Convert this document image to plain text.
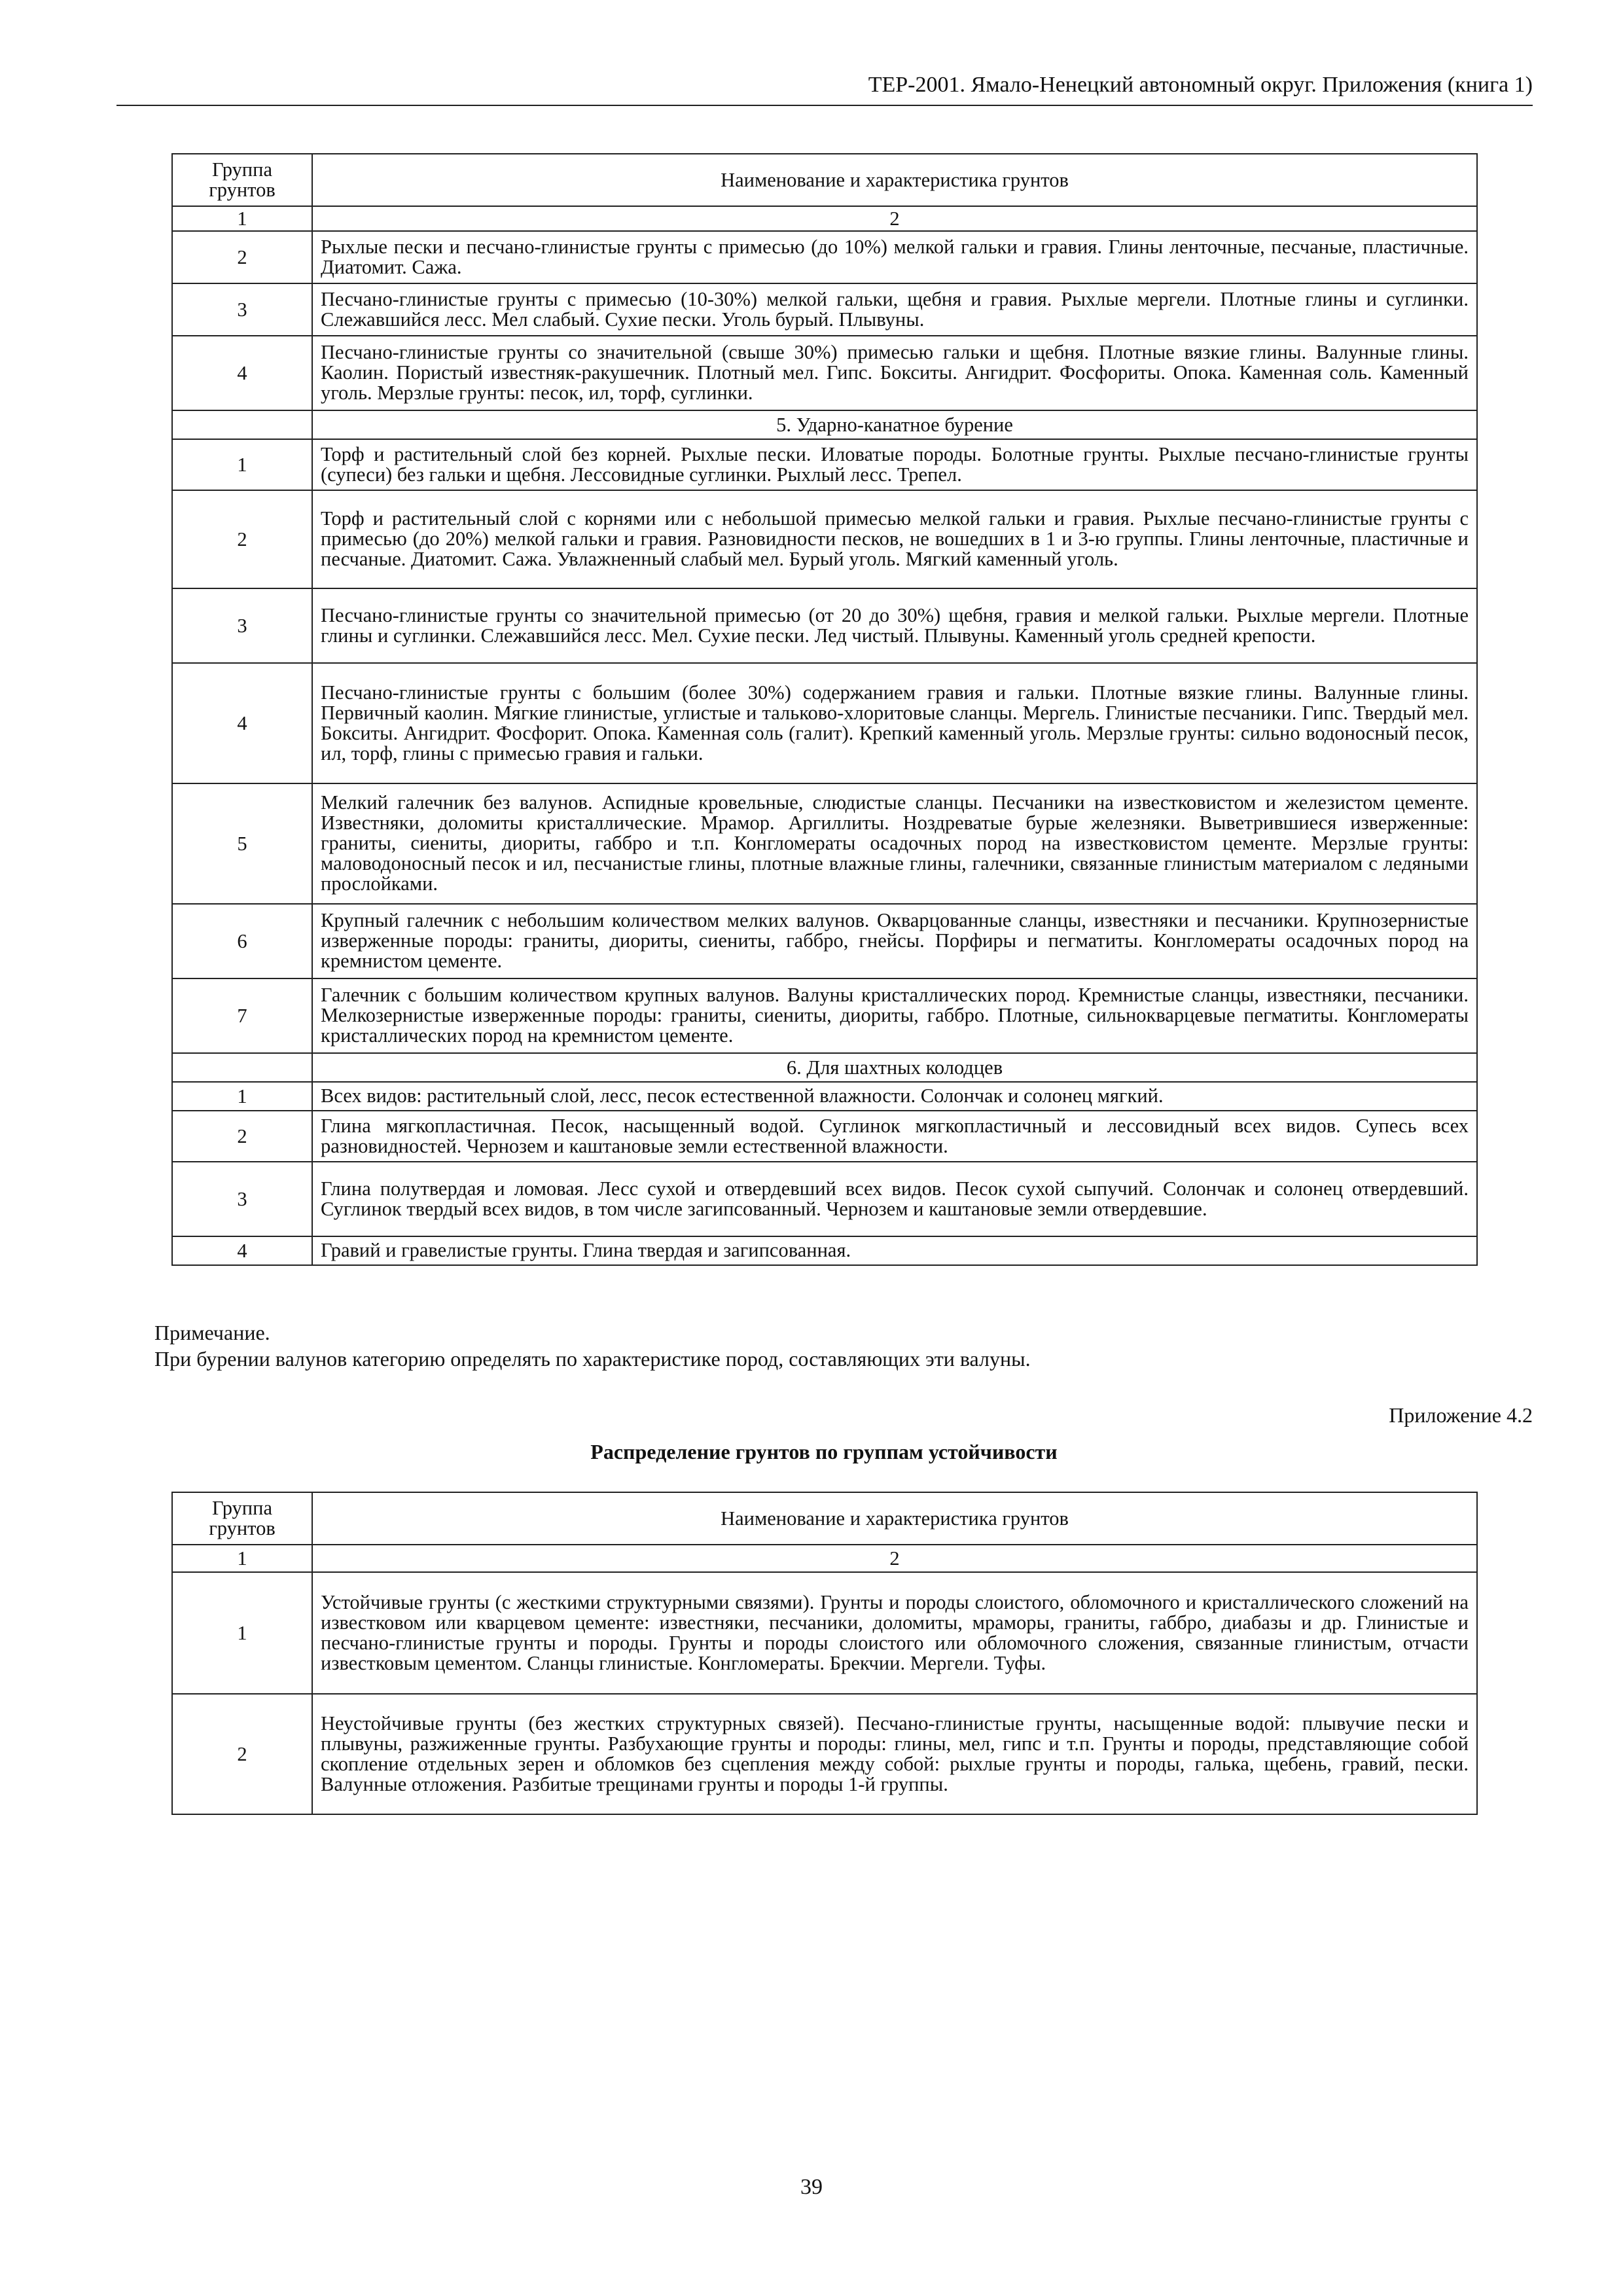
ТЕР-2001. Ямало-Ненецкий автономный округ. Приложения (книга 1)
Группа грунтов	Наименование и характеристика грунтов
1	2
2	Рыхлые пески и песчано-глинистые грунты с примесью (до 10%) мелкой гальки и гравия. Глины ленточные, песчаные, пластичные. Диатомит. Сажа.
3	Песчано-глинистые грунты с примесью (10-30%) мелкой гальки, щебня и гравия. Рыхлые мергели. Плотные глины и суглинки. Слежавшийся лесс. Мел слабый. Сухие пески. Уголь бурый. Плывуны.
4	Песчано-глинистые грунты со значительной (свыше 30%) примесью гальки и щебня. Плотные вязкие глины. Валунные глины. Каолин. Пористый известняк-ракушечник. Плотный мел. Гипс. Бокситы. Ангидрит. Фосфориты. Опока. Каменная соль. Каменный уголь. Мерзлые грунты: песок, ил, торф, суглинки.
	5. Ударно-канатное бурение
1	Торф и растительный слой без корней. Рыхлые пески. Иловатые породы. Болотные грунты. Рыхлые песчано-глинистые грунты (супеси) без гальки и щебня. Лессовидные суглинки. Рыхлый лесс. Трепел.
2	Торф и растительный слой с корнями или с небольшой примесью мелкой гальки и гравия. Рыхлые песчано-глинистые грунты с примесью (до 20%) мелкой гальки и гравия. Разновидности песков, не вошедших в 1 и 3-ю группы. Глины ленточные, пластичные и песчаные. Диатомит. Сажа. Увлажненный слабый мел. Бурый уголь. Мягкий каменный уголь.
3	Песчано-глинистые грунты со значительной примесью (от 20 до 30%) щебня, гравия и мелкой гальки. Рыхлые мергели. Плотные глины и суглинки. Слежавшийся лесс. Мел. Сухие пески. Лед чистый. Плывуны. Каменный уголь средней крепости.
4	Песчано-глинистые грунты с большим (более 30%) содержанием гравия и гальки. Плотные вязкие глины. Валунные глины. Первичный каолин. Мягкие глинистые, углистые и тальково-хлоритовые сланцы. Мергель. Глинистые песчаники. Гипс. Твердый мел. Бокситы. Ангидрит. Фосфорит. Опока. Каменная соль (галит). Крепкий каменный уголь. Мерзлые грунты: сильно водоносный песок, ил, торф, глины с примесью гравия и гальки.
5	Мелкий галечник без валунов. Аспидные кровельные, слюдистые сланцы. Песчаники на известковистом и железистом цементе. Известняки, доломиты кристаллические. Мрамор. Аргиллиты. Ноздреватые бурые железняки. Выветрившиеся изверженные: граниты, сиениты, диориты, габбро и т.п. Конгломераты осадочных пород на известковистом цементе. Мерзлые грунты: маловодоносный песок и ил, песчанистые глины, плотные влажные глины, галечники, связанные глинистым материалом с ледяными прослойками.
6	Крупный галечник с небольшим количеством мелких валунов. Окварцованные сланцы, известняки и песчаники. Крупнозернистые изверженные породы: граниты, диориты, сиениты, габбро, гнейсы. Порфиры и пегматиты. Конгломераты осадочных пород на кремнистом цементе.
7	Галечник с большим количеством крупных валунов. Валуны кристаллических пород. Кремнистые сланцы, известняки, песчаники. Мелкозернистые изверженные породы: граниты, сиениты, диориты, габбро. Плотные, сильнокварцевые пегматиты. Конгломераты кристаллических пород на кремнистом цементе.
	6. Для шахтных колодцев
1	Всех видов: растительный слой, лесс, песок естественной влажности. Солончак и солонец мягкий.
2	Глина мягкопластичная. Песок, насыщенный водой. Суглинок мягкопластичный и лессовидный всех видов. Супесь всех разновидностей. Чернозем и каштановые земли естественной влажности.
3	Глина полутвердая и ломовая. Лесс сухой и отвердевший всех видов. Песок сухой сыпучий. Солончак и солонец отвердевший. Суглинок твердый всех видов, в том числе загипсованный. Чернозем и каштановые земли отвердевшие.
4	Гравий и гравелистые грунты. Глина твердая и загипсованная.
Примечание.
При бурении валунов категорию определять по характеристике пород, составляющих эти валуны.
Приложение 4.2
Распределение грунтов по группам устойчивости
Группа грунтов	Наименование и характеристика грунтов
1	2
1	Устойчивые грунты (с жесткими структурными связями). Грунты и породы слоистого, обломочного и кристаллического сложений на известковом или кварцевом цементе: известняки, песчаники, доломиты, мраморы, граниты, габбро, диабазы и др. Глинистые и песчано-глинистые грунты и породы. Грунты и породы слоистого или обломочного сложения, связанные глинистым, отчасти известковым цементом. Сланцы глинистые. Конгломераты. Брекчии. Мергели. Туфы.
2	Неустойчивые грунты (без жестких структурных связей). Песчано-глинистые грунты, насыщенные водой: плывучие пески и плывуны, разжиженные грунты. Разбухающие грунты и породы: глины, мел, гипс и т.п. Грунты и породы, представляющие собой скопление отдельных зерен и обломков без сцепления между собой: рыхлые грунты и породы, галька, щебень, гравий, пески. Валунные отложения. Разбитые трещинами грунты и породы 1-й группы.
39
